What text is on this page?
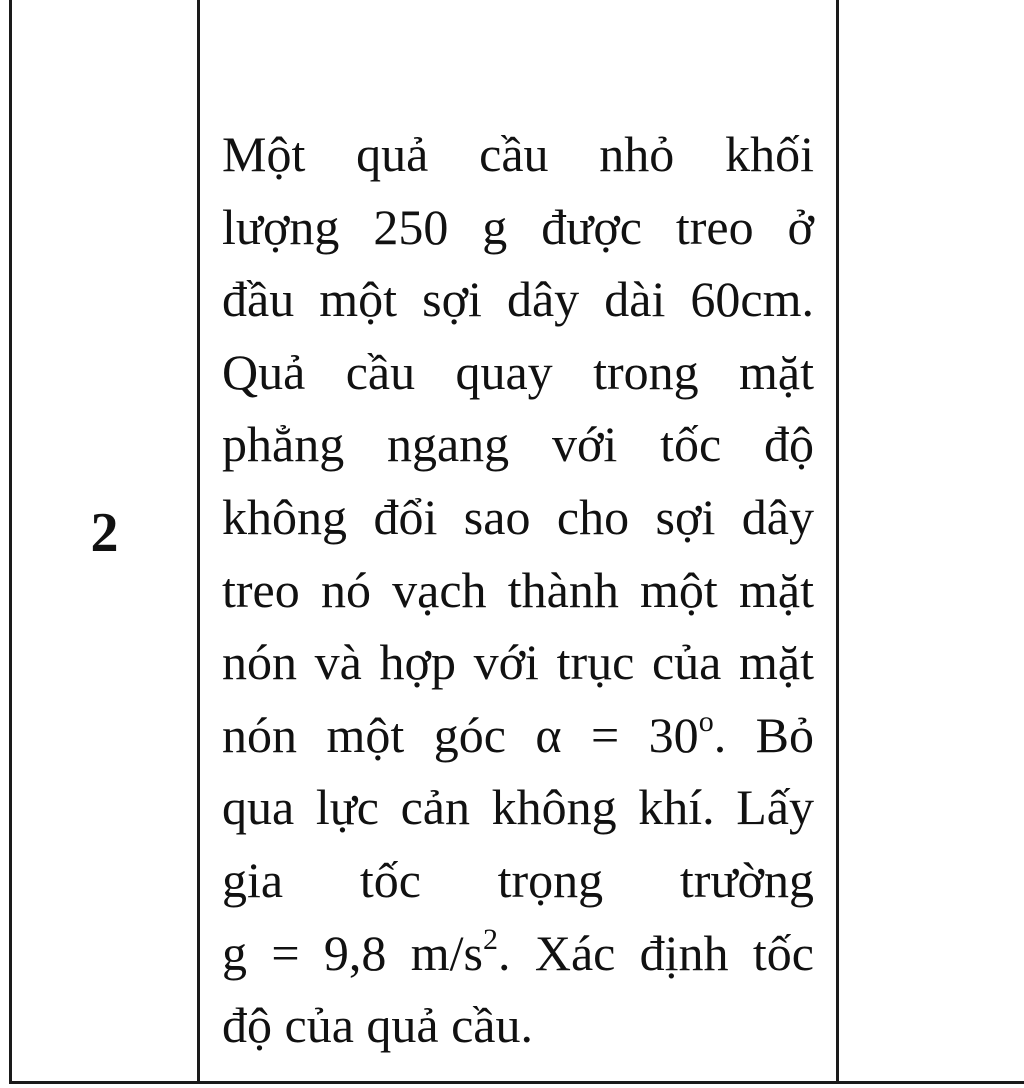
2
Một quả cầu nhỏ khối
lượng 250 g được treo ở
đầu một sợi dây dài 60cm.
Quả cầu quay trong mặt
phẳng ngang với tốc độ
không đổi sao cho sợi dây
treo nó vạch thành một mặt
nón và hợp với trục của mặt
nón một góc $\alpha = 30^o$. Bỏ
qua lực cản không khí. Lấy
gia tốc trọng trường
g = 9,8 $m/s^2$. Xác định tốc
độ của quả cầu.
